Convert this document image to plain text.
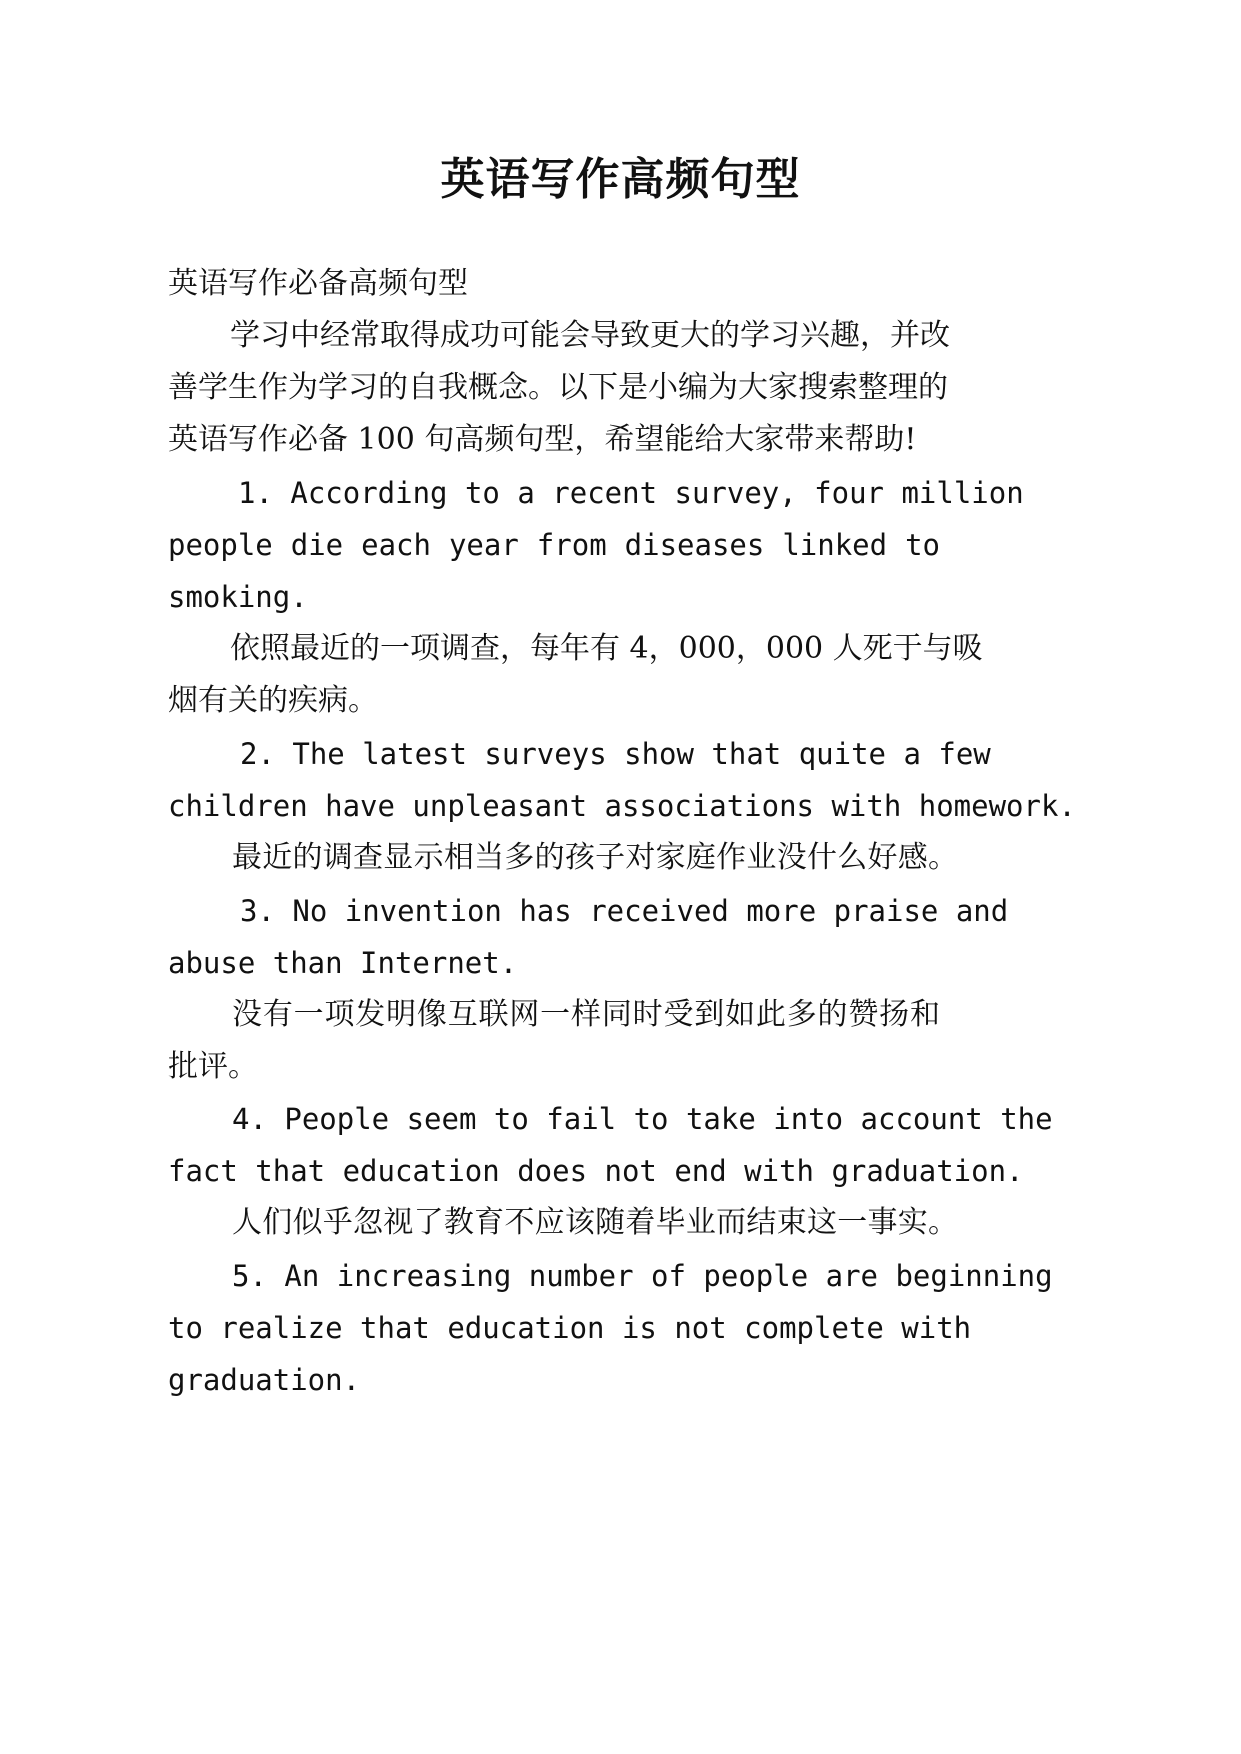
英语写作高频句型
英语写作必备高频句型
学习中经常取得成功可能会导致更大的学习兴趣，并改
善学生作为学习的自我概念。以下是小编为大家搜索整理的
英语写作必备 100 句高频句型，希望能给大家带来帮助!
1. According to a recent survey, four million
people die each year from diseases linked to
smoking.
依照最近的一项调查，每年有 4，000，000 人死于与吸
烟有关的疾病。
2. The latest surveys show that quite a few
children have unpleasant associations with homework.
最近的调查显示相当多的孩子对家庭作业没什么好感。
3. No invention has received more praise and
abuse than Internet.
没有一项发明像互联网一样同时受到如此多的赞扬和
批评。
4. People seem to fail to take into account the
fact that education does not end with graduation.
人们似乎忽视了教育不应该随着毕业而结束这一事实。
5. An increasing number of people are beginning
to realize that education is not complete with
graduation.
